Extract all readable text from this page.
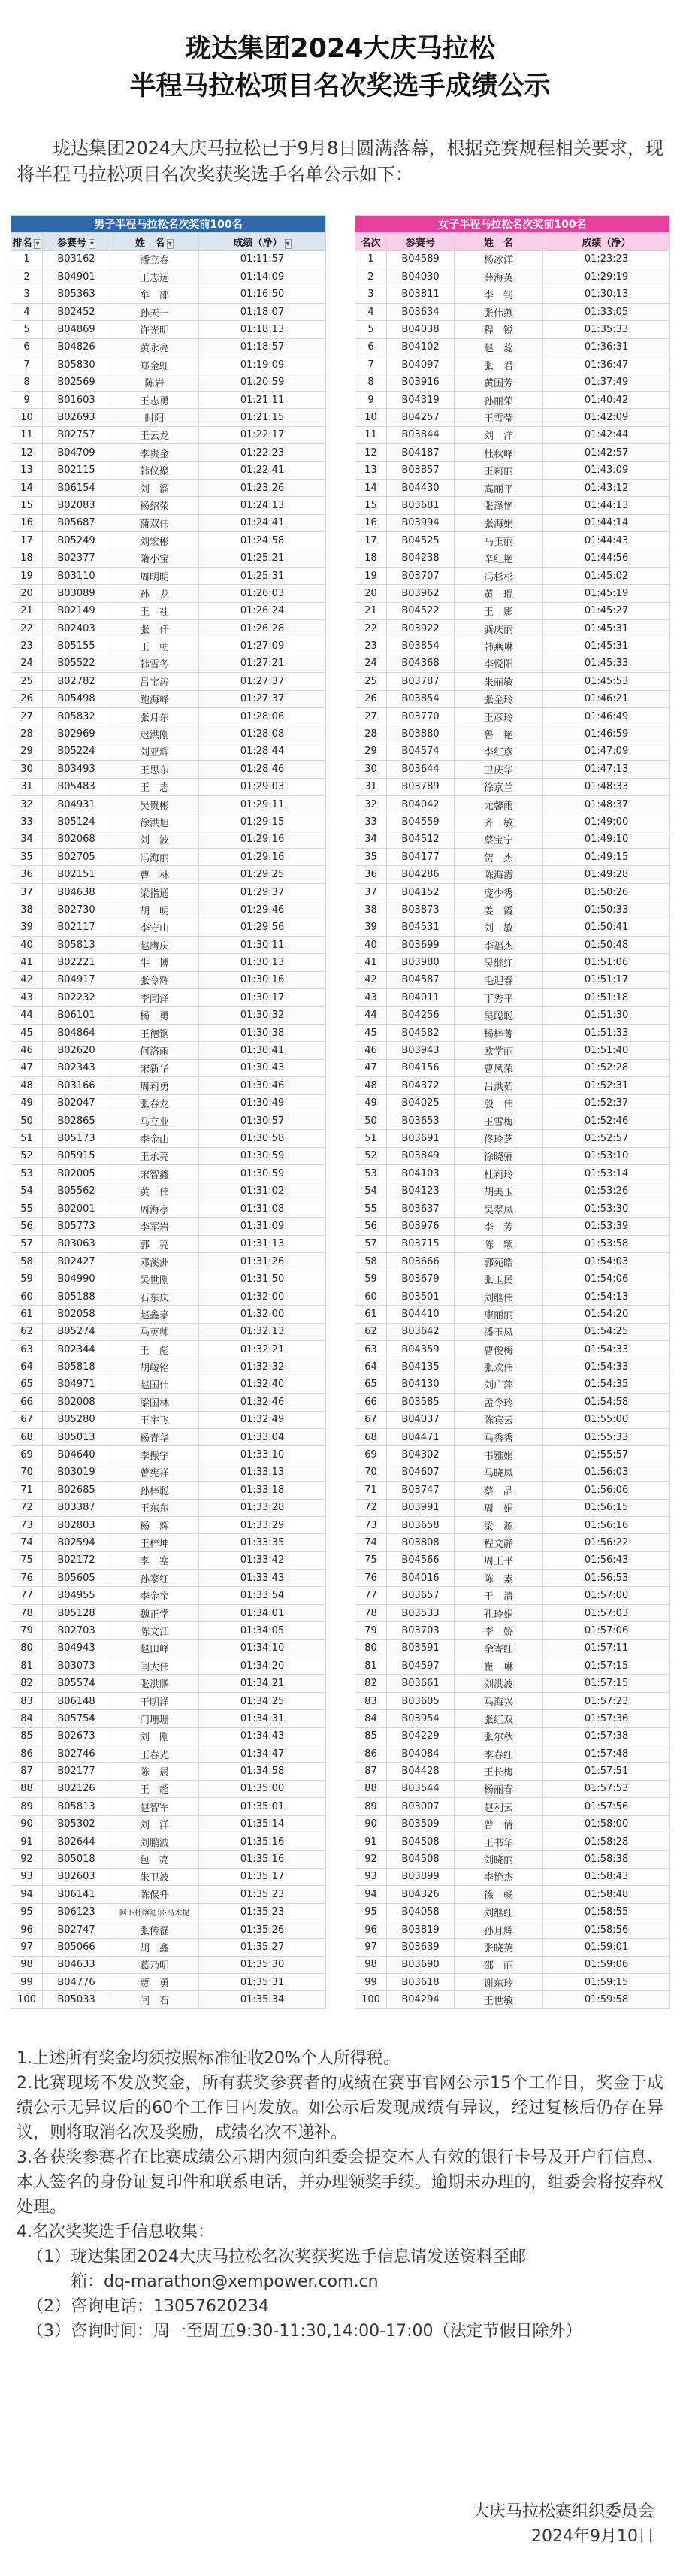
珑达集团2024大庆马拉松
半程马拉松项目名次奖选手成绩公示

珑达集团2024大庆马拉松已于9月8日圆满落幕，根据竞赛规程相关要求，现将半程马拉松项目名次奖获奖选手名单公示如下：

男子半程马拉松名次奖前100名			
排名 ▾	参赛号 ▾	姓　名 ▾	成绩（净） ▾
1	B03162	潘立春	01:11:57
2	B04901	王志远	01:14:09
3	B05363	牟　邵	01:16:50
4	B02452	孙天一	01:18:07
5	B04869	许光明	01:18:13
6	B04826	黄永亮	01:18:57
7	B05830	郑金虹	01:19:09
8	B02569	陈岩	01:20:59
9	B01603	王志勇	01:21:11
10	B02693	时阳	01:21:15
11	B02757	王云龙	01:22:17
12	B04709	李贵金	01:22:23
13	B02115	韩仪聚	01:22:41
14	B06154	刘　溜	01:23:26
15	B02083	杨绍荣	01:24:13
16	B05687	蒲双伟	01:24:41
17	B05249	刘宏彬	01:24:58
18	B02377	隋小宝	01:25:21
19	B03110	周明明	01:25:31
20	B03089	孙　龙	01:26:03
21	B02149	王　社	01:26:24
22	B02403	张　仟	01:26:28
23	B05155	王　朝	01:27:09
24	B05522	韩雪冬	01:27:21
25	B02782	吕宝涛	01:27:37
26	B05498	鲍海峰	01:27:37
27	B05832	张月东	01:28:06
28	B02969	迟洪刚	01:28:08
29	B05224	刘亚辉	01:28:44
30	B03493	王思东	01:28:46
31	B05483	王　志	01:29:03
32	B04931	吴贵彬	01:29:11
33	B05124	徐洪旭	01:29:15
34	B02068	刘　波	01:29:16
35	B02705	冯海丽	01:29:16
36	B02151	曹　林	01:29:25
37	B04638	梁指通	01:29:37
38	B02730	胡　明	01:29:46
39	B02117	李守山	01:29:56
40	B05813	赵膺庆	01:30:11
41	B02221	牛　博	01:30:13
42	B04917	张令辉	01:30:16
43	B02232	李闻泽	01:30:17
44	B06101	杨　勇	01:30:32
45	B04864	王德钢	01:30:38
46	B02620	何洛雨	01:30:41
47	B02343	宋新华	01:30:43
48	B03166	周莉勇	01:30:46
49	B02047	张春龙	01:30:49
50	B02865	马立业	01:30:57
51	B05173	李金山	01:30:58
52	B05915	王永亮	01:30:59
53	B02005	宋智鑫	01:30:59
54	B05562	黄　伟	01:31:02
55	B02001	周海亭	01:31:08
56	B05773	李军岩	01:31:09
57	B03063	郭　亮	01:31:13
58	B02427	邓溪洲	01:31:26
59	B04990	吴世刚	01:31:50
60	B05188	石东庆	01:32:00
61	B02058	赵鑫豪	01:32:00
62	B05274	马英帅	01:32:13
63	B02344	王　彪	01:32:21
64	B05818	胡峻铭	01:32:32
65	B04971	赵国伟	01:32:40
66	B02008	梁国林	01:32:46
67	B05280	王宇飞	01:32:49
68	B05013	杨青华	01:33:04
69	B04640	李振宇	01:33:10
70	B03019	曾宪祥	01:33:13
71	B02685	孙梓聪	01:33:18
72	B03387	王东东	01:33:28
73	B02803	杨　辉	01:33:29
74	B02594	王梓坤	01:33:35
75	B02172	李　塞	01:33:42
76	B05605	孙家红	01:33:43
77	B04955	李金宝	01:33:54
78	B05128	魏正学	01:34:01
79	B02703	陈文江	01:34:05
80	B04943	赵田峰	01:34:10
81	B03073	闫大伟	01:34:20
82	B05574	张洪鹏	01:34:21
83	B06148	于明洋	01:34:25
84	B05754	门珊珊	01:34:31
85	B02673	刘　刚	01:34:43
86	B02746	王春光	01:34:47
87	B02177	陈　晨	01:34:58
88	B02126	王　超	01:35:00
89	B05813	赵智军	01:35:01
90	B05302	刘　洋	01:35:14
91	B02644	刘鹏波	01:35:16
92	B05018	包　亮	01:35:16
93	B02603	朱卫波	01:35:17
94	B06141	陈保升	01:35:23
95	B06123	阿卜杜喀迪尔·马木提	01:35:23
96	B02747	张传磊	01:35:26
97	B05066	胡　鑫	01:35:27
98	B04633	葛乃明	01:35:30
99	B04776	贾　勇	01:35:31
100	B05033	闫　石	01:35:34
女子半程马拉松名次奖前100名			
名次	参赛号	姓　名	成绩（净）
1	B04589	杨冰洋	01:23:23
2	B04030	薛海英	01:29:19
3	B03811	李　钊	01:30:13
4	B03634	张伟燕	01:33:05
5	B04038	程　锐	01:35:33
6	B04102	赵　蕊	01:36:31
7	B04097	张　君	01:36:47
8	B03916	黄国芳	01:37:49
9	B04319	孙丽荣	01:40:42
10	B04257	王雪莹	01:42:09
11	B03844	刘　洋	01:42:44
12	B04187	杜秋峰	01:42:57
13	B03857	王莉丽	01:43:09
14	B04430	高丽平	01:43:12
15	B03681	张泽艳	01:44:13
16	B03994	张海娟	01:44:14
17	B04525	马玉丽	01:44:43
18	B04238	辛红艳	01:44:56
19	B03707	冯杉杉	01:45:02
20	B03962	黄　琨	01:45:19
21	B04522	王　影	01:45:27
22	B03922	龚庆丽	01:45:31
23	B03854	韩燕琳	01:45:31
24	B04368	李悦阳	01:45:33
25	B03787	朱丽敏	01:45:53
26	B03854	张金玲	01:46:21
27	B03770	王彦玲	01:46:49
28	B03880	鲁　艳	01:46:59
29	B04574	李红彦	01:47:09
30	B03644	卫庆华	01:47:13
31	B03789	徐京兰	01:48:33
32	B04042	尤馨雨	01:48:37
33	B04559	齐　敏	01:49:00
34	B04512	蔡宝宁	01:49:10
35	B04177	贺　杰	01:49:15
36	B04286	陈海霞	01:49:28
37	B04152	庞少秀	01:50:26
38	B03873	姜　霞	01:50:33
39	B04531	刘　敏	01:50:41
40	B03699	李福杰	01:50:48
41	B03980	吴继红	01:51:06
42	B04587	毛迎春	01:51:17
43	B04011	丁秀平	01:51:18
44	B04256	吴聪聪	01:51:30
45	B04582	杨梓菁	01:51:33
46	B03943	欧学丽	01:51:40
47	B04156	曹凤荣	01:52:28
48	B04372	吕洪茹	01:52:31
49	B04025	殷　伟	01:52:37
50	B03653	王雪梅	01:52:46
51	B03691	佟玲芝	01:52:57
52	B03849	徐晓骊	01:53:10
53	B04103	杜莉玲	01:53:14
54	B04123	胡美玉	01:53:26
55	B03637	吴翠凤	01:53:30
56	B03976	李　芳	01:53:39
57	B03715	陈　颖	01:53:58
58	B03666	郭苑皓	01:54:03
59	B03679	张玉民	01:54:06
60	B03501	刘继伟	01:54:13
61	B04410	康丽丽	01:54:20
62	B03642	潘玉凤	01:54:25
63	B04359	曹俊梅	01:54:33
64	B04135	张欢伟	01:54:33
65	B04130	刘广萍	01:54:35
66	B03585	孟令玲	01:54:58
67	B04037	陈宾云	01:55:00
68	B04471	马秀秀	01:55:33
69	B04302	韦雅娟	01:55:57
70	B04607	马晓凤	01:56:03
71	B03747	蔡　晶	01:56:06
72	B03991	周　娟	01:56:15
73	B03658	梁　源	01:56:16
74	B03808	程文静	01:56:22
75	B04566	周王平	01:56:43
76	B04016	陈　素	01:56:53
77	B03657	于　清	01:57:00
78	B03533	孔玲娟	01:57:03
79	B03703	李　娇	01:57:06
80	B03591	余寄红	01:57:11
81	B04597	崔　琳	01:57:15
82	B03661	刘洪波	01:57:15
83	B03605	马海兴	01:57:23
84	B03954	张红双	01:57:36
85	B04229	张尔秋	01:57:38
86	B04084	李春红	01:57:48
87	B04428	王长梅	01:57:51
88	B03544	杨丽春	01:57:53
89	B03007	赵利云	01:57:56
90	B03509	曾　倩	01:58:00
91	B04508	王书华	01:58:28
92	B04508	刘晓丽	01:58:38
93	B03899	李艳杰	01:58:43
94	B04326	徐　畅	01:58:48
95	B04058	刘继红	01:58:55
96	B03819	孙月辉	01:58:56
97	B03639	张晓英	01:59:01
98	B03690	邵　丽	01:59:06
99	B03618	谢东玲	01:59:15
100	B04294	王世敏	01:59:58

1.上述所有奖金均须按照标准征收20%个人所得税。

2.比赛现场不发放奖金，所有获奖参赛者的成绩在赛事官网公示15个工作日，奖金于成绩公示无异议后的60个工作日内发放。如公示后发现成绩有异议，经过复核后仍存在异议，则将取消名次及奖励，成绩名次不递补。

3.各获奖参赛者在比赛成绩公示期内须向组委会提交本人有效的银行卡号及开户行信息、本人签名的身份证复印件和联系电话，并办理领奖手续。逾期未办理的，组委会将按弃权处理。

4.名次奖奖选手信息收集：

（1）珑达集团2024大庆马拉松名次奖获奖选手信息请发送资料至邮

箱：dq-marathon@xempower.com.cn

（2）咨询电话：13057620234

（3）咨询时间：周一至周五9:30-11:30,14:00-17:00（法定节假日除外）

大庆马拉松赛组织委员会
2024年9月10日
